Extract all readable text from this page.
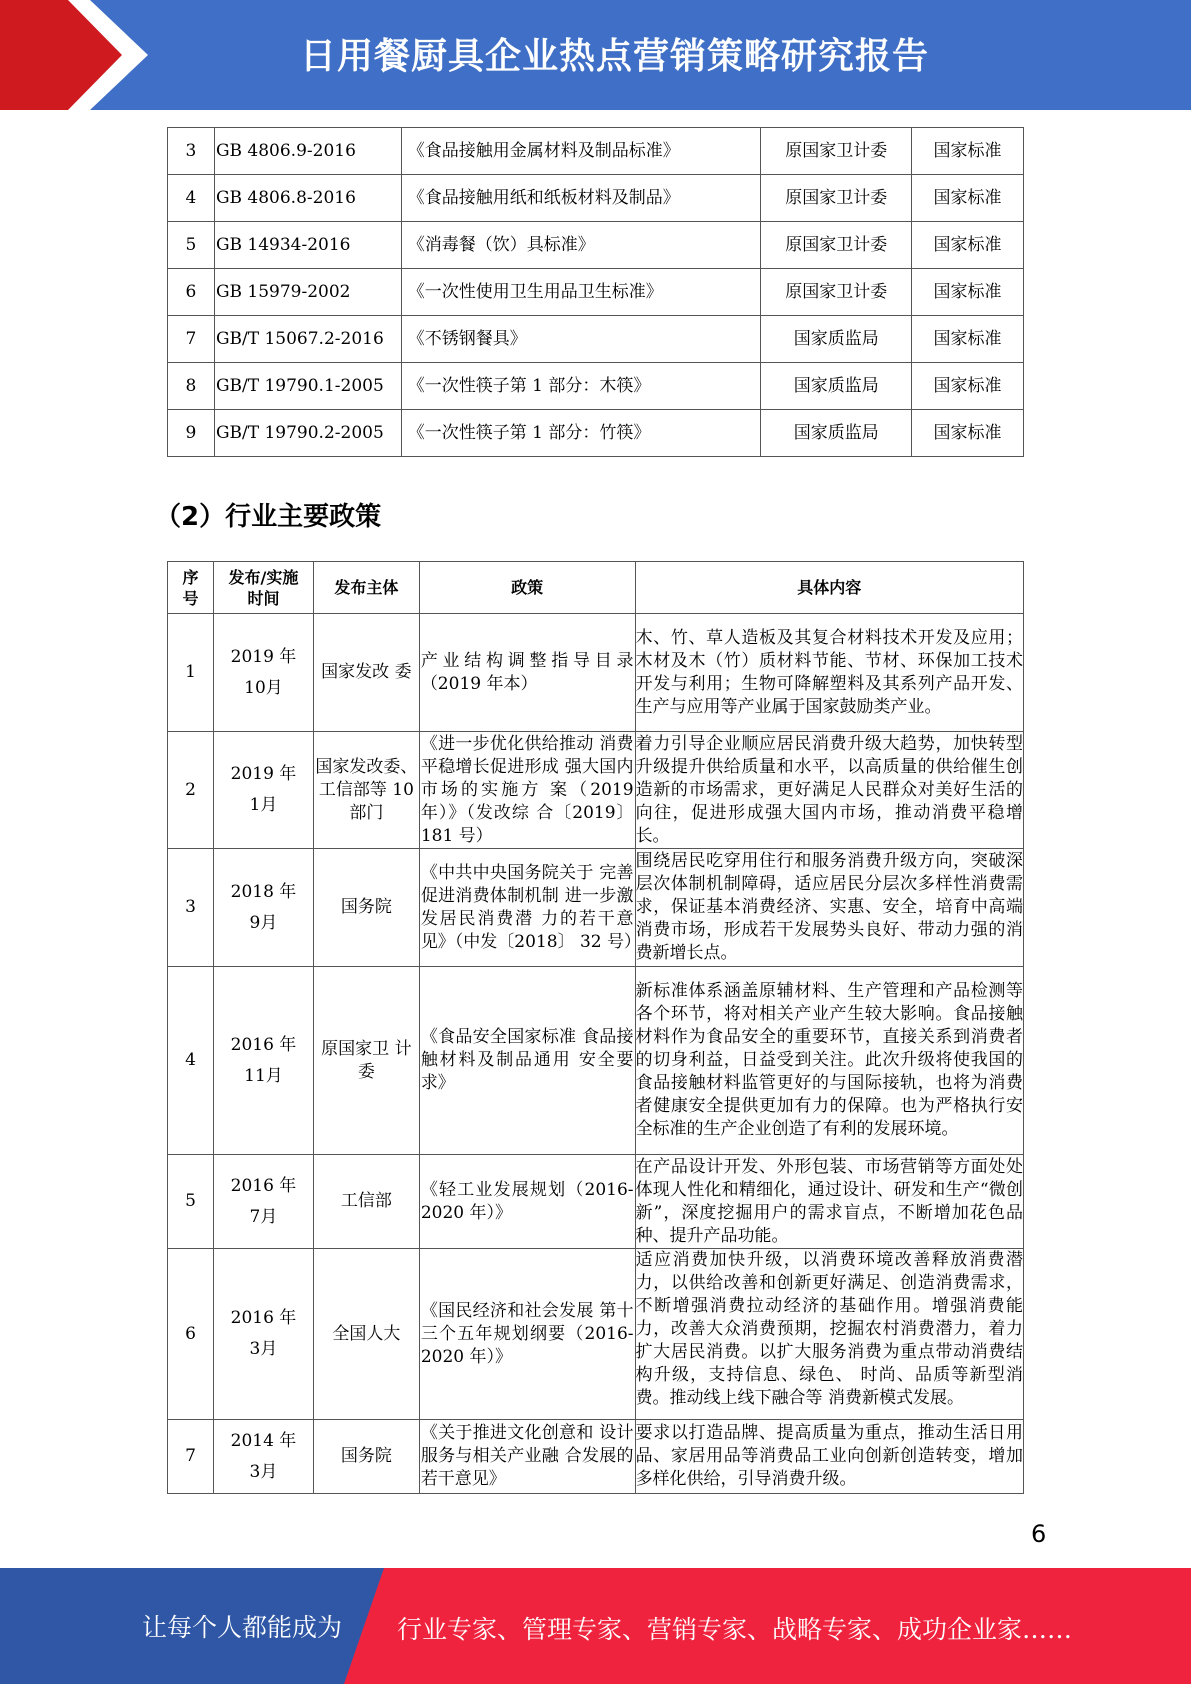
日用餐厨具企业热点营销策略研究报告
3	GB 4806.9-2016	《食品接触用金属材料及制品标准》	原国家卫计委	国家标准
4	GB 4806.8-2016	《食品接触用纸和纸板材料及制品》	原国家卫计委	国家标准
5	GB 14934-2016	《消毒餐（饮）具标准》	原国家卫计委	国家标准
6	GB 15979-2002	《一次性使用卫生用品卫生标准》	原国家卫计委	国家标准
7	GB/T 15067.2-2016	《不锈钢餐具》	国家质监局	国家标准
8	GB/T 19790.1-2005	《一次性筷子第 1 部分：木筷》	国家质监局	国家标准
9	GB/T 19790.2-2005	《一次性筷子第 1 部分：竹筷》	国家质监局	国家标准
（2）行业主要政策
序号	发布/实施时间	发布主体	政策	具体内容
1	2019 年 10月	国家发改 委	产业结构调整指导目录（2019 年本）	木、竹、草人造板及其复合材料技术开发及应用；木材及木（竹）质材料节能、节材、环保加工技术开发与利用；生物可降解塑料及其系列产品开发、生产与应用等产业属于国家鼓励类产业。
2	2019 年 1月	国家发改委、工信部等 10 部门	《进一步优化供给推动 消费平稳增长促进形成 强大国内市场的实施方 案（2019 年）》（发改综 合〔2019〕 181 号）	着力引导企业顺应居民消费升级大趋势，加快转型升级提升供给质量和水平，以高质量的供给催生创造新的市场需求，更好满足人民群众对美好生活的向往，促进形成强大国内市场，推动消费平稳增长。
3	2018 年 9月	国务院	《中共中央国务院关于 完善促进消费体制机制 进一步激发居民消费潜 力的若干意见》（中发〔2018〕 32 号）	围绕居民吃穿用住行和服务消费升级方向，突破深层次体制机制障碍，适应居民分层次多样性消费需求，保证基本消费经济、实惠、安全，培育中高端消费市场，形成若干发展势头良好、带动力强的消费新增长点。
4	2016 年 11月	原国家卫 计委	《食品安全国家标准 食品接触材料及制品通用 安全要求》	新标准体系涵盖原辅材料、生产管理和产品检测等各个环节，将对相关产业产生较大影响。食品接触材料作为食品安全的重要环节，直接关系到消费者的切身利益，日益受到关注。此次升级将使我国的食品接触材料监管更好的与国际接轨，也将为消费者健康安全提供更加有力的保障。也为严格执行安全标准的生产企业创造了有利的发展环境。
5	2016 年 7月	工信部	《轻工业发展规划（2016-2020 年）》	在产品设计开发、外形包装、市场营销等方面处处体现人性化和精细化，通过设计、研发和生产“微创新”，深度挖掘用户的需求盲点，不断增加花色品种、提升产品功能。
6	2016 年 3月	全国人大	《国民经济和社会发展 第十三个五年规划纲要（2016-2020 年）》	适应消费加快升级，以消费环境改善释放消费潜力，以供给改善和创新更好满足、创造消费需求，不断增强消费拉动经济的基础作用。增强消费能力，改善大众消费预期，挖掘农村消费潜力，着力扩大居民消费。以扩大服务消费为重点带动消费结构升级，支持信息、绿色、 时尚、品质等新型消费。推动线上线下融合等 消费新模式发展。

7	2014 年 3月	国务院	《关于推进文化创意和 设计服务与相关产业融 合发展的若干意见》	要求以打造品牌、提高质量为重点，推动生活日用品、家居用品等消费品工业向创新创造转变，增加多样化供给，引导消费升级。
6
让每个人都能成为 行业专家、管理专家、营销专家、战略专家、成功企业家……
